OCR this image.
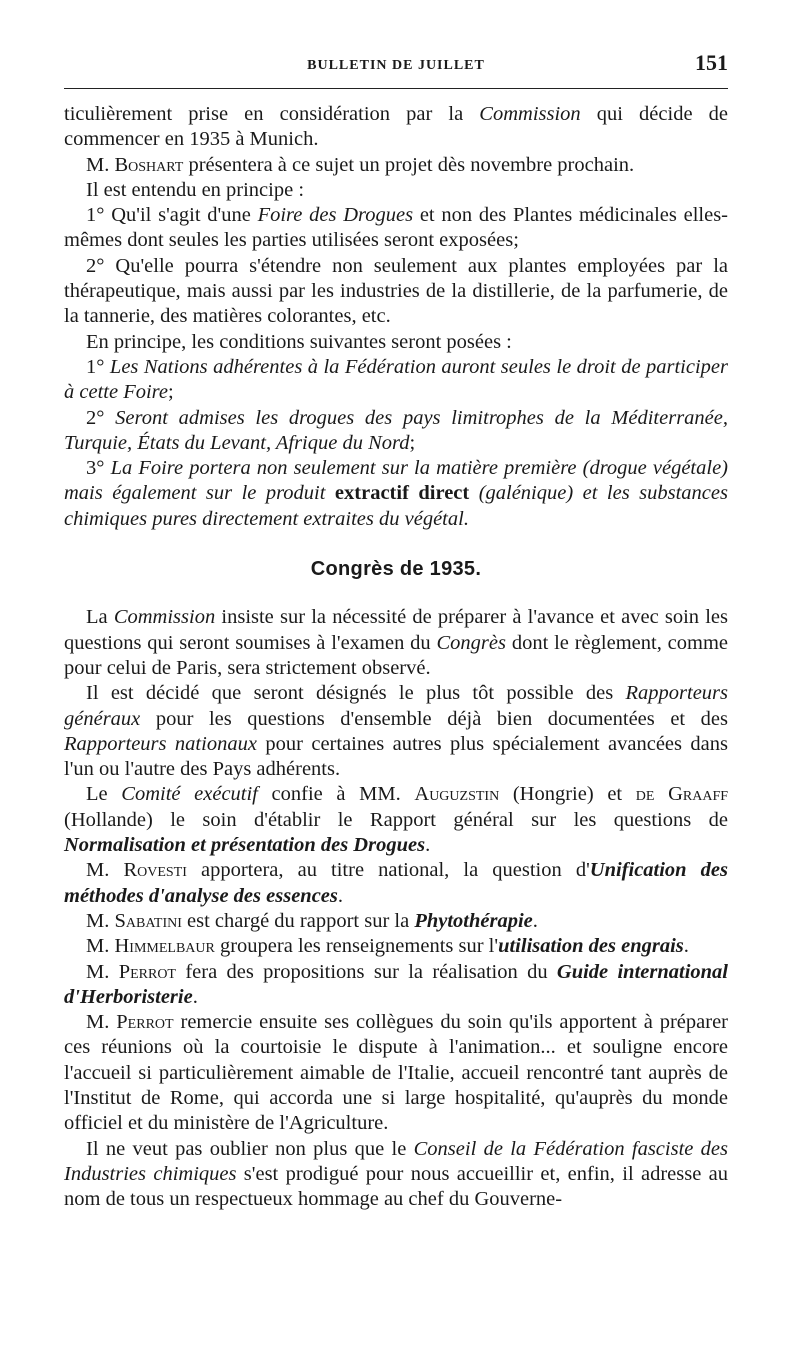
BULLETIN DE JUILLET	151

ticulièrement prise en considération par la Commission qui décide de commencer en 1935 à Munich.

M. Boshart présentera à ce sujet un projet dès novembre prochain.

Il est entendu en principe :

1° Qu'il s'agit d'une Foire des Drogues et non des Plantes médicinales elles-mêmes dont seules les parties utilisées seront exposées;

2° Qu'elle pourra s'étendre non seulement aux plantes employées par la thérapeutique, mais aussi par les industries de la distillerie, de la parfumerie, de la tannerie, des matières colorantes, etc.

En principe, les conditions suivantes seront posées :

1° Les Nations adhérentes à la Fédération auront seules le droit de participer à cette Foire;

2° Seront admises les drogues des pays limitrophes de la Méditerranée, Turquie, États du Levant, Afrique du Nord;

3° La Foire portera non seulement sur la matière première (drogue végétale) mais également sur le produit extractif direct (galénique) et les substances chimiques pures directement extraites du végétal.

Congrès de 1935.

La Commission insiste sur la nécessité de préparer à l'avance et avec soin les questions qui seront soumises à l'examen du Congrès dont le règlement, comme pour celui de Paris, sera strictement observé.

Il est décidé que seront désignés le plus tôt possible des Rapporteurs généraux pour les questions d'ensemble déjà bien documentées et des Rapporteurs nationaux pour certaines autres plus spécialement avancées dans l'un ou l'autre des Pays adhérents.

Le Comité exécutif confie à MM. Auguzstin (Hongrie) et de Graaff (Hollande) le soin d'établir le Rapport général sur les questions de Normalisation et présentation des Drogues.

M. Rovesti apportera, au titre national, la question d'Unification des méthodes d'analyse des essences.

M. Sabatini est chargé du rapport sur la Phytothérapie.

M. Himmelbaur groupera les renseignements sur l'utilisation des engrais.

M. Perrot fera des propositions sur la réalisation du Guide international d'Herboristerie.

M. Perrot remercie ensuite ses collègues du soin qu'ils apportent à préparer ces réunions où la courtoisie le dispute à l'animation... et souligne encore l'accueil si particulièrement aimable de l'Italie, accueil rencontré tant auprès de l'Institut de Rome, qui accorda une si large hospitalité, qu'auprès du monde officiel et du ministère de l'Agriculture.

Il ne veut pas oublier non plus que le Conseil de la Fédération fasciste des Industries chimiques s'est prodigué pour nous accueillir et, enfin, il adresse au nom de tous un respectueux hommage au chef du Gouverne-
